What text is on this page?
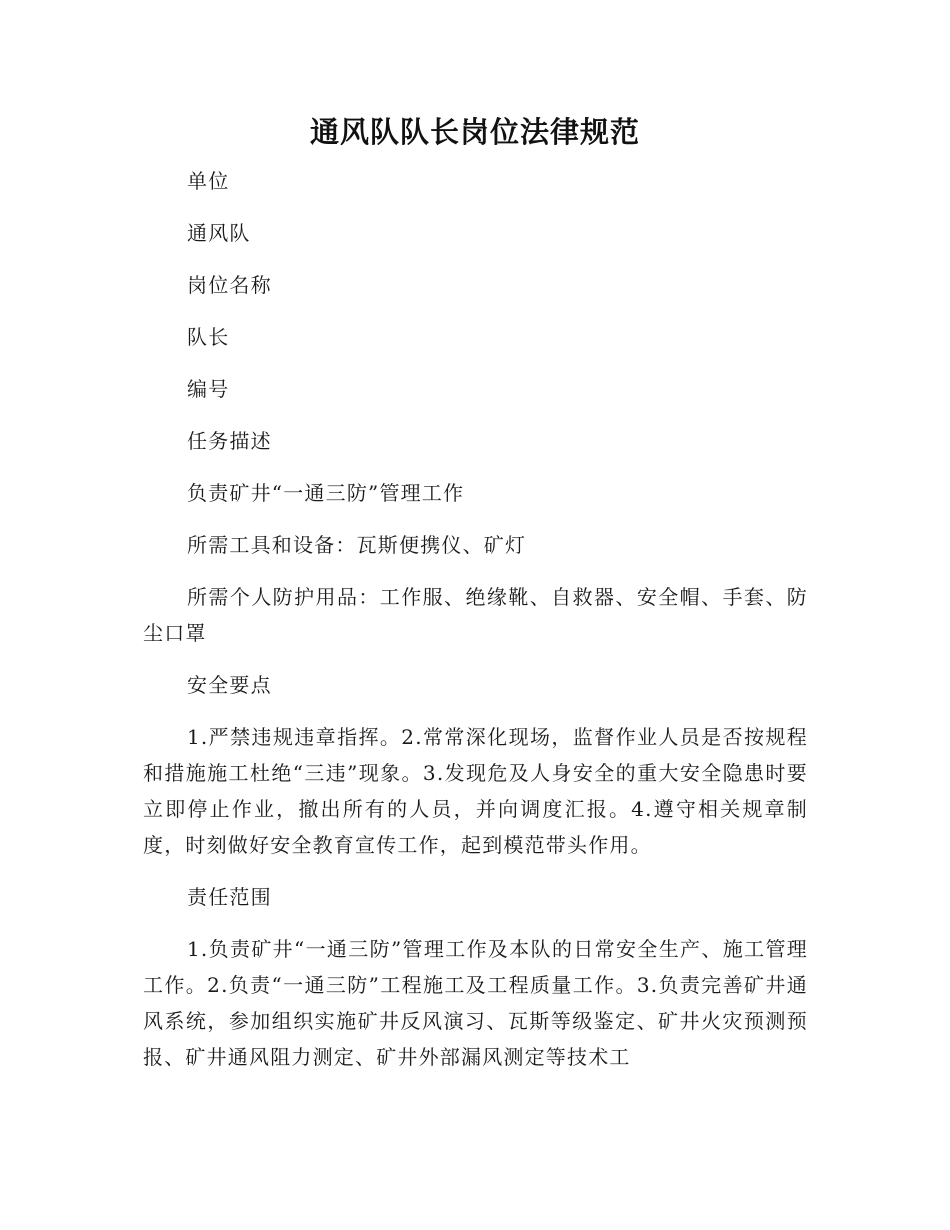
通风队队长岗位法律规范

单位

通风队

岗位名称

队长

编号

任务描述

负责矿井“一通三防”管理工作

所需工具和设备：瓦斯便携仪、矿灯

所需个人防护用品：工作服、绝缘靴、自救器、安全帽、手套、防尘口罩

安全要点

1.严禁违规违章指挥。2.常常深化现场，监督作业人员是否按规程和措施施工杜绝“三违”现象。3.发现危及人身安全的重大安全隐患时要立即停止作业，撤出所有的人员，并向调度汇报。4.遵守相关规章制度，时刻做好安全教育宣传工作，起到模范带头作用。

责任范围

1.负责矿井“一通三防”管理工作及本队的日常安全生产、施工管理工作。2.负责“一通三防”工程施工及工程质量工作。3.负责完善矿井通风系统，参加组织实施矿井反风演习、瓦斯等级鉴定、矿井火灾预测预报、矿井通风阻力测定、矿井外部漏风测定等技术工
